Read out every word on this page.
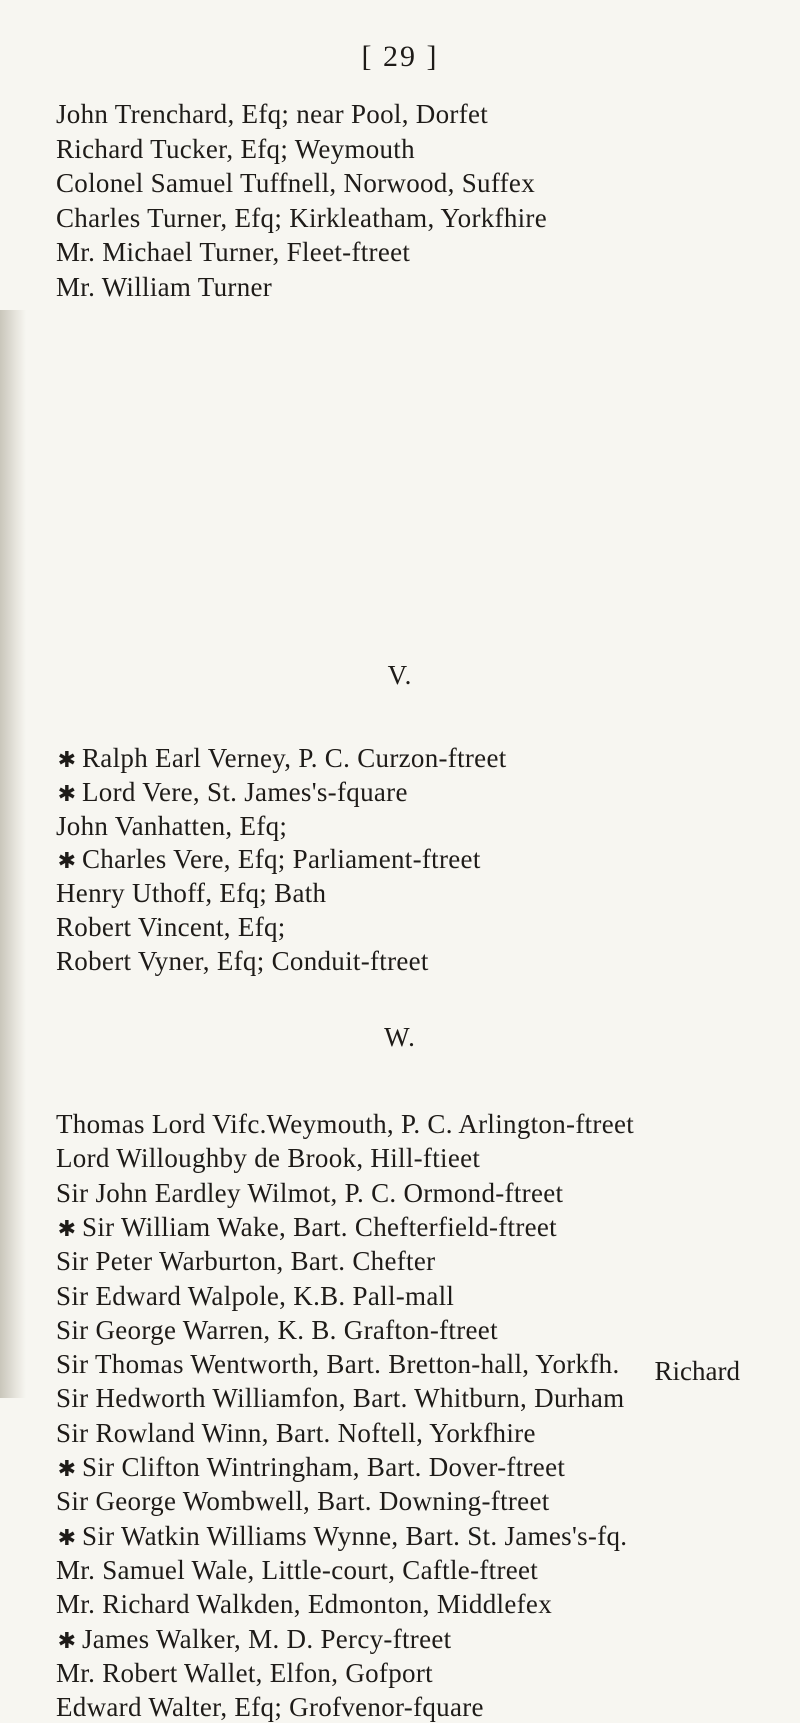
[ 29 ]
John Trenchard, Efq; near Pool, Dorfet
Richard Tucker, Efq; Weymouth
Colonel Samuel Tuffnell, Norwood, Suffex
Charles Turner, Efq; Kirkleatham, Yorkfhire
Mr. Michael Turner, Fleet-ftreet
Mr. William Turner
V.
✱ Ralph Earl Verney, P. C. Curzon-ftreet
✱ Lord Vere, St. James's-fquare
John Vanhatten, Efq;
✱ Charles Vere, Efq; Parliament-ftreet
Henry Uthoff, Efq; Bath
Robert Vincent, Efq;
Robert Vyner, Efq; Conduit-ftreet
W.
Thomas Lord Vifc.Weymouth, P. C. Arlington-ftreet
Lord Willoughby de Brook, Hill-ftieet
Sir John Eardley Wilmot, P. C. Ormond-ftreet
✱ Sir William Wake, Bart. Chefterfield-ftreet
Sir Peter Warburton, Bart. Chefter
Sir Edward Walpole, K.B. Pall-mall
Sir George Warren, K. B. Grafton-ftreet
Sir Thomas Wentworth, Bart. Bretton-hall, Yorkfh.
Sir Hedworth Williamfon, Bart. Whitburn, Durham
Sir Rowland Winn, Bart. Noftell, Yorkfhire
✱ Sir Clifton Wintringham, Bart. Dover-ftreet
Sir George Wombwell, Bart. Downing-ftreet
✱ Sir Watkin Williams Wynne, Bart. St. James's-fq.
Mr. Samuel Wale, Little-court, Caftle-ftreet
Mr. Richard Walkden, Edmonton, Middlefex
✱ James Walker, M. D. Percy-ftreet
Mr. Robert Wallet, Elfon, Gofport
Edward Walter, Efq; Grofvenor-fquare
Richard
